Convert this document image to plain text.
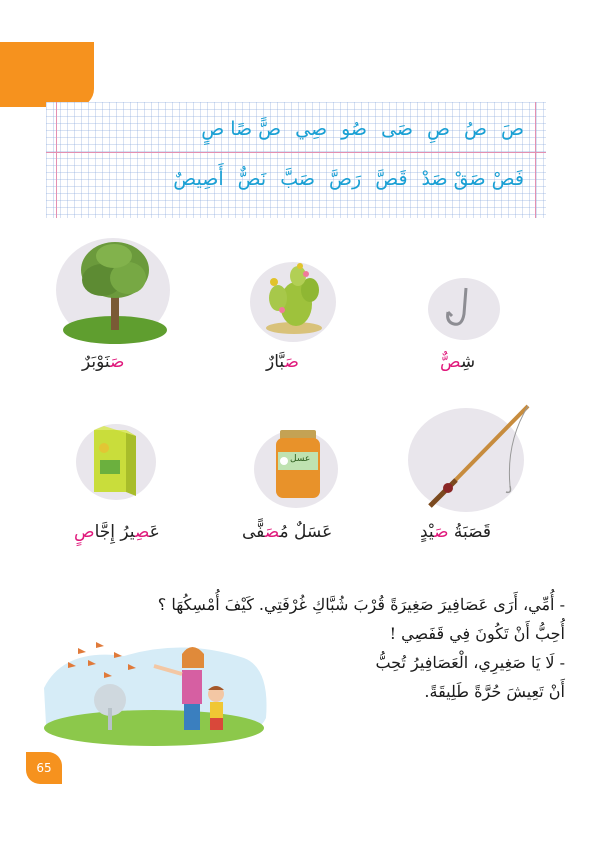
صَ
صُ
صِ
صَى
صُو
صِي
صًّ
صًا
صٍ
فَصْ
صَقْ
صَدْ
قَصَّ
رَصَّ
صَبَّ
نَصٌّ
أَصِيصٌ
شِصٌّ
صَبَّارٌ
صَنَوْبَرٌ
قَصَبَةُ صَيْدٍ
عسل
عَسَلٌ مُصَفًّى
عَصِيرُ إِجَّاصٍ
- أُمِّي، أَرَى عَصَافِيرَ صَغِيرَةً قُرْبَ شُبَّاكِ غُرْفَتِي. كَيْفَ أُمْسِكُهَا ؟
أُحِبُّ أَنْ تَكُونَ فِي قَفَصِي !
- لَا يَا صَغِيرِي، الْعَصَافِيرُ تُحِبُّ
أَنْ تَعِيشَ حُرَّةً طَلِيقَةً.
65
